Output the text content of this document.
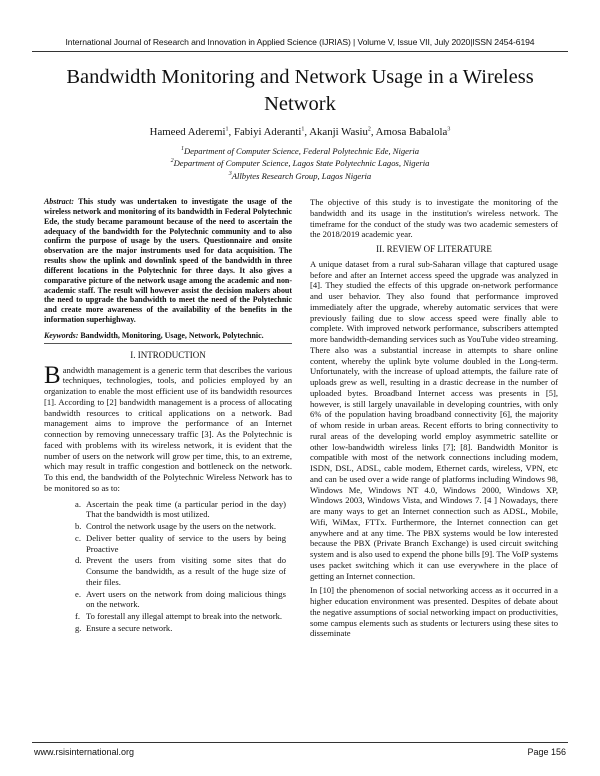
International Journal of Research and Innovation in Applied Science (IJRIAS) | Volume V, Issue VII, July 2020|ISSN 2454-6194
Bandwidth Monitoring and Network Usage in a Wireless Network
Hameed Aderemi$^1$, Fabiyi Aderanti$^1$, Akanji Wasiu$^2$, Amosa Babalola$^3$
$^1$Department of Computer Science, Federal Polytechnic Ede, Nigeria
$^2$Department of Computer Science, Lagos State Polytechnic Lagos, Nigeria
$^3$Allbytes Research Group, Lagos Nigeria

Abstract: This study was undertaken to investigate the usage of the wireless network and monitoring of its bandwidth in Federal Polytechnic Ede, the study became paramount because of the need to ascertain the adequacy of the bandwidth for the Polytechnic community and to also confirm the purpose of usage by the users. Questionnaire and onsite observation are the major instruments used for data acquisition. The results show the uplink and downlink speed of the bandwidth in three different locations in the Polytechnic for three days. It also gives a comparative picture of the network usage among the academic and non-academic staff. The result will however assist the decision makers about the need to upgrade the bandwidth to meet the need of the Polytechnic and create more awareness of the availability of the benefits in the information superhighway.

Keywords: Bandwidth, Monitoring, Usage, Network, Polytechnic.

I. INTRODUCTION

Bandwidth management is a generic term that describes the various techniques, technologies, tools, and policies employed by an organization to enable the most efficient use of its bandwidth resources [1]. According to [2] bandwidth management is a process of allocating bandwidth resources to critical applications on a network. Bad management aims to improve the performance of an Internet connection by removing unnecessary traffic [3]. As the Polytechnic is faced with problems with its wireless network, it is evident that the number of users on the network will grow per time, this, to an extreme, which may result in traffic congestion and bottleneck on the network. To this end, the bandwidth of the Polytechnic Wireless Network has to be monitored so as to:

a. Ascertain the peak time (a particular period in the day) That the bandwidth is most utilized.
b. Control the network usage by the users on the network.
c. Deliver better quality of service to the users by being Proactive
d. Prevent the users from visiting some sites that do Consume the bandwidth, as a result of the huge size of their files.
e. Avert users on the network from doing malicious things on the network.
f. To forestall any illegal attempt to break into the network.
g. Ensure a secure network.

The objective of this study is to investigate the monitoring of the bandwidth and its usage in the institution's wireless network. The timeframe for the conduct of the study was two academic semesters of the 2018/2019 academic year.

II. REVIEW OF LITERATURE

A unique dataset from a rural sub-Saharan village that captured usage before and after an Internet access speed the upgrade was analyzed in [4]. They studied the effects of this upgrade on-network performance and user behavior. They also found that performance improved immediately after the upgrade, whereby automatic services that were previously failing due to slow access speed were finally able to complete. With improved network performance, subscribers attempted more bandwidth-demanding services such as YouTube video streaming. There also was a substantial increase in attempts to share online content, whereby the uplink byte volume doubled in the Long-term. Unfortunately, with the increase of upload attempts, the failure rate of uploads grew as well, resulting in a drastic decrease in the number of uploaded bytes. Broadband Internet access was presents in [5], however, is still largely unavailable in developing countries, with only 6% of the population having broadband connectivity [6], the majority of whom reside in urban areas. Recent efforts to bring connectivity to rural areas of the developing world employ asymmetric satellite or other low-bandwidth wireless links [7]; [8]. Bandwidth Monitor is compatible with most of the network connections including modem, ISDN, DSL, ADSL, cable modem, Ethernet cards, wireless, VPN, etc and can be used over a wide range of platforms including Windows 98, Windows Me, Windows NT 4.0, Windows 2000, Windows XP, Windows 2003, Windows Vista, and Windows 7. [4 ] Nowadays, there are many ways to get an Internet connection such as ADSL, Mobile, Wifi, WiMax, FTTx. Furthermore, the Internet connection can get anywhere and at any time. The PBX systems would be low interested because the PBX (Private Branch Exchange) is used circuit switching system and is also used to expend the phone bills [9]. The VoIP systems uses packet switching which it can use everywhere in the place of getting an Internet connection.

In [10] the phenomenon of social networking access as it occurred in a higher education environment was presented. Despites of debate about the negative assumptions of social networking impact on productivities, some campus elements such as students or lecturers using these sites to disseminate

www.rsisinternational.org	Page 156
